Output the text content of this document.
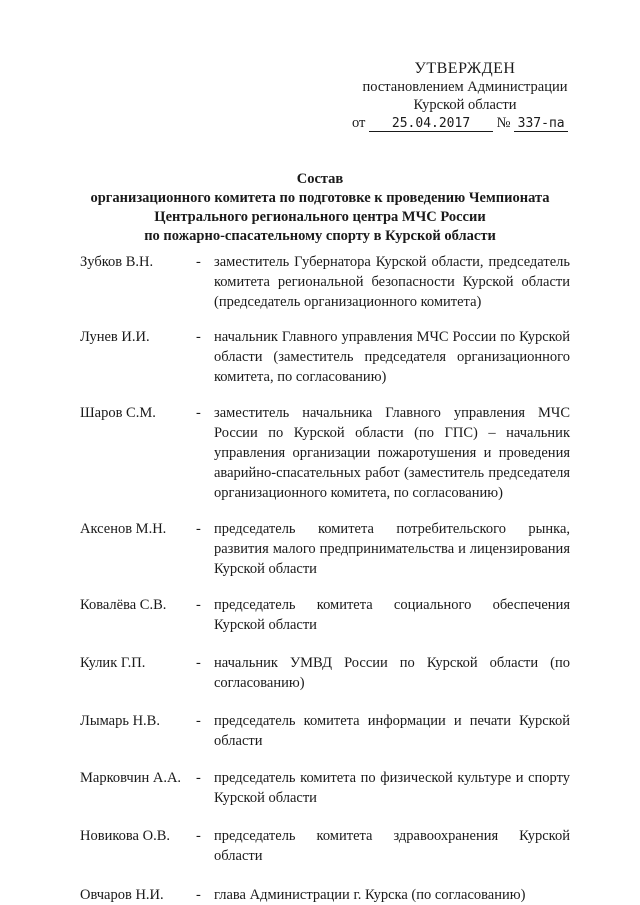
УТВЕРЖДЕН
постановлением Администрации
Курской области
от 25.04.2017 № 337-па
Состав
организационного комитета по подготовке к проведению Чемпионата
Центрального регионального центра МЧС России
по пожарно-спасательному спорту в Курской области
Зубков В.Н.	- заместитель Губернатора Курской области, председатель комитета региональной безопасности Курской области (председатель организационного комитета)
Лунев И.И.	- начальник Главного управления МЧС России по Курской области (заместитель председателя организационного комитета, по согласованию)
Шаров С.М.	- заместитель начальника Главного управления МЧС России по Курской области (по ГПС) – начальник управления организации пожаротушения и проведения аварийно-спасательных работ (заместитель председателя организационного комитета, по согласованию)
Аксенов М.Н.	- председатель комитета потребительского рынка, развития малого предпринимательства и лицензирования Курской области
Ковалёва С.В.	- председатель комитета социального обеспечения Курской области
Кулик Г.П.	- начальник УМВД России по Курской области (по согласованию)
Лымарь Н.В.	- председатель комитета информации и печати Курской области
Марковчин А.А.	- председатель комитета по физической культуре и спорту Курской области
Новикова О.В.	- председатель комитета здравоохранения Курской области
Овчаров Н.И.	- глава Администрации г. Курска (по согласованию)
